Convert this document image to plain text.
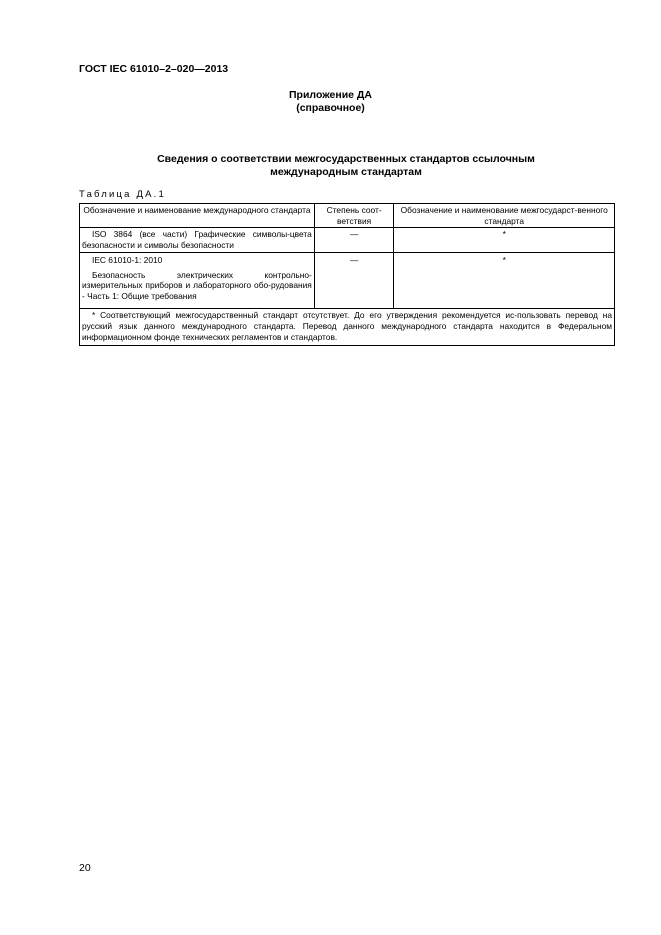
ГОСТ IEC 61010–2–020—2013
Приложение ДА
(справочное)
Сведения о соответствии межгосударственных стандартов ссылочным международным стандартам
Таблица ДА.1
Обозначение и наименование международного стандарта	Степень соот-ветствия	Обозначение и наименование межгосударст-венного стандарта
ISO 3864 (все части) Графические символы-цвета безопасности и символы безопасности	—	*

IEC 61010-1: 2010
Безопасность электрических контрольно-измерительных приборов и лабораторного обо-рудования - Часть 1: Общие требования	—	*
* Соответствующий межгосударственный стандарт отсутствует. До его утверждения рекомендуется ис-пользовать перевод на русский язык данного международного стандарта. Перевод данного международного стандарта находится в Федеральном информационном фонде технических регламентов и стандартов.		
20
